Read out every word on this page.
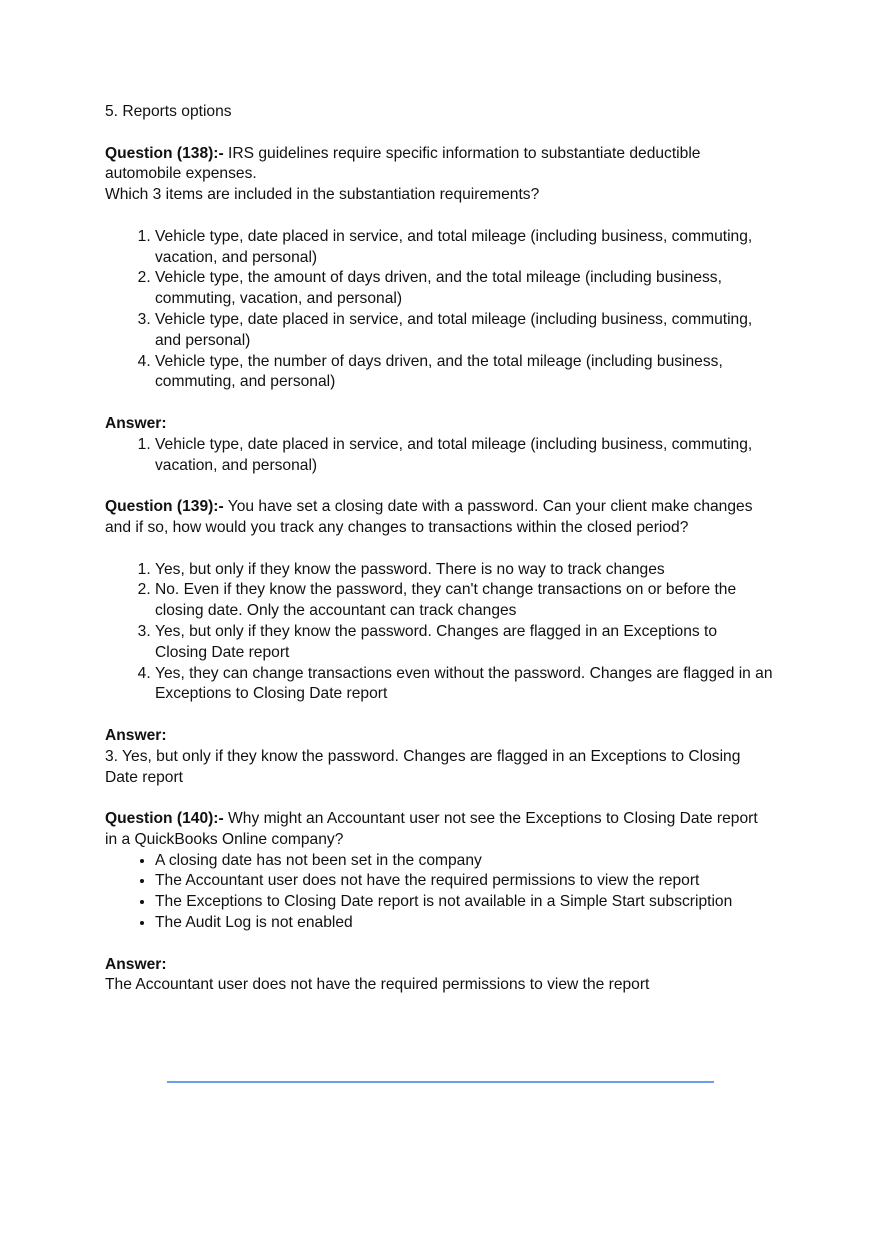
5. Reports options

Question (138):- IRS guidelines require specific information to substantiate deductible automobile expenses.

Which 3 items are included in the substantiation requirements?

1. Vehicle type, date placed in service, and total mileage (including business, commuting, vacation, and personal)
2. Vehicle type, the amount of days driven, and the total mileage (including business, commuting, vacation, and personal)
3. Vehicle type, date placed in service, and total mileage (including business, commuting, and personal)
4. Vehicle type, the number of days driven, and the total mileage (including business, commuting, and personal)

Answer:

1. Vehicle type, date placed in service, and total mileage (including business, commuting, vacation, and personal)

Question (139):- You have set a closing date with a password. Can your client make changes and if so, how would you track any changes to transactions within the closed period?

1. Yes, but only if they know the password. There is no way to track changes
2. No. Even if they know the password, they can't change transactions on or before the closing date. Only the accountant can track changes
3. Yes, but only if they know the password. Changes are flagged in an Exceptions to Closing Date report
4. Yes, they can change transactions even without the password. Changes are flagged in an Exceptions to Closing Date report

Answer:

3. Yes, but only if they know the password. Changes are flagged in an Exceptions to Closing Date report

Question (140):- Why might an Accountant user not see the Exceptions to Closing Date report in a QuickBooks Online company?

• A closing date has not been set in the company
• The Accountant user does not have the required permissions to view the report
• The Exceptions to Closing Date report is not available in a Simple Start subscription
• The Audit Log is not enabled

Answer:

The Accountant user does not have the required permissions to view the report
